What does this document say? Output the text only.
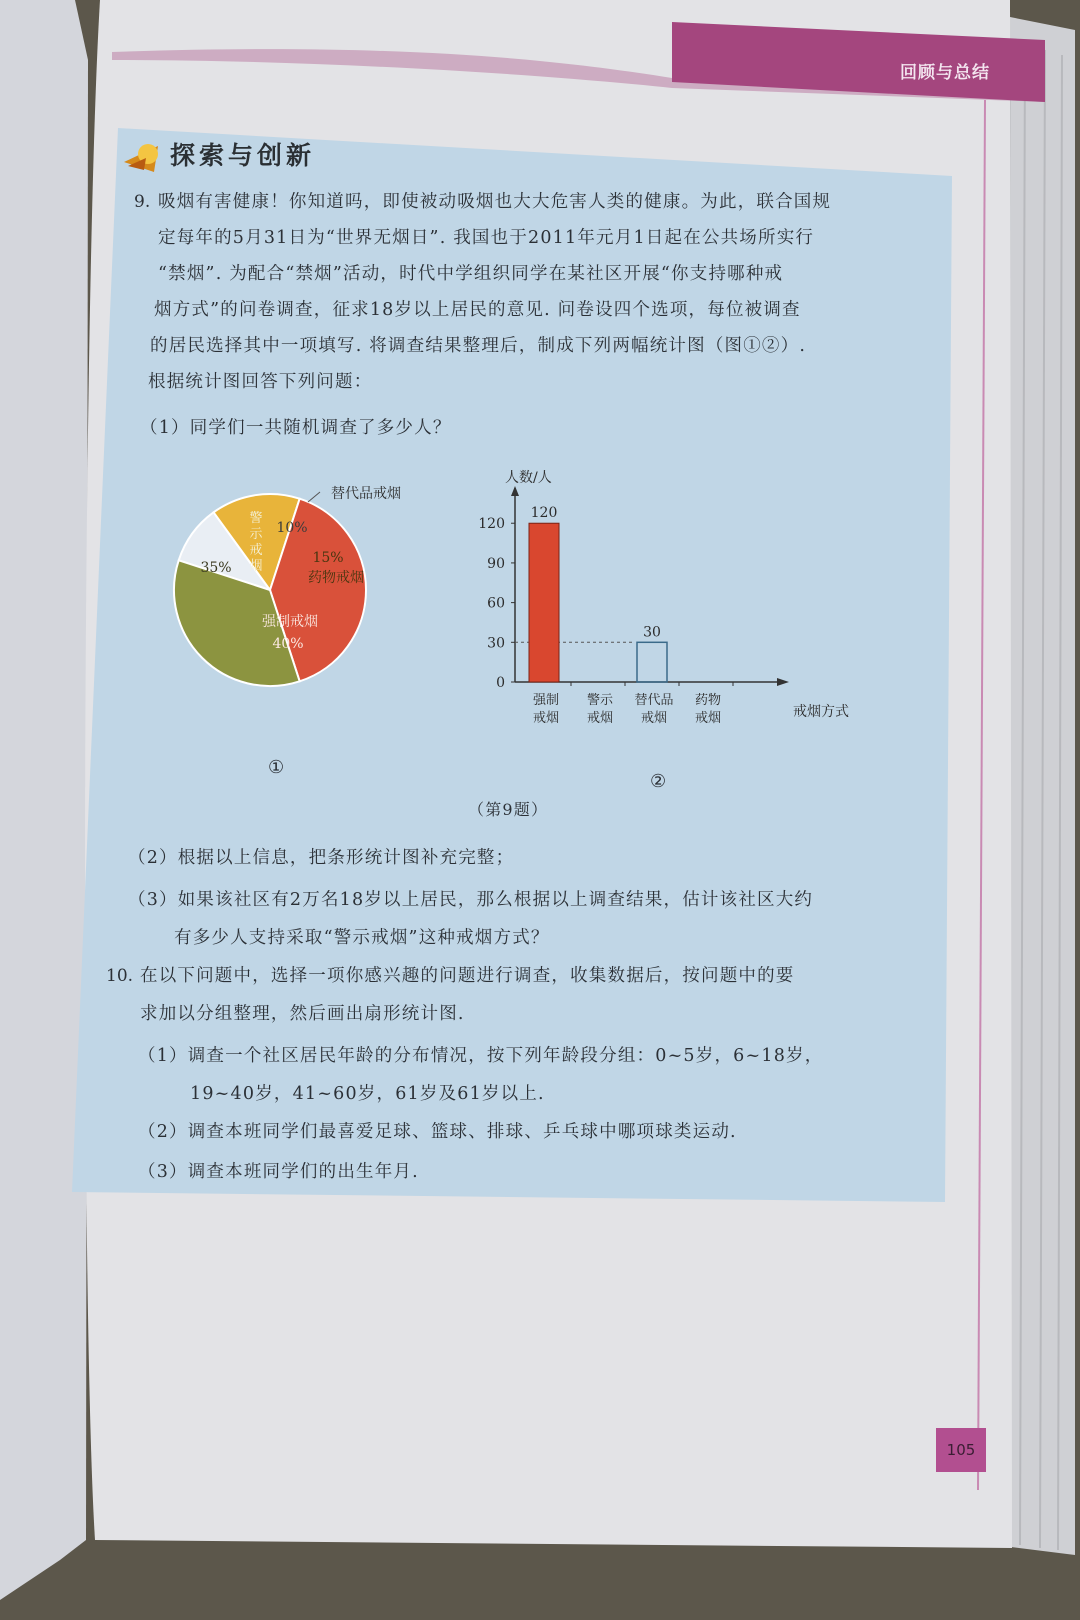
回顾与总结
探索与创新
9. 吸烟有害健康！你知道吗，即使被动吸烟也大大危害人类的健康。为此，联合国规
定每年的5月31日为“世界无烟日”. 我国也于2011年元月1日起在公共场所实行
“禁烟”. 为配合“禁烟”活动，时代中学组织同学在某社区开展“你支持哪种戒
烟方式”的问卷调查，征求18岁以上居民的意见. 问卷设四个选项，每位被调查
的居民选择其中一项填写. 将调查结果整理后，制成下列两幅统计图（图①②）.
根据统计图回答下列问题：
（1）同学们一共随机调查了多少人？
警
示
戒
烟
35%
强制戒烟
40%
15%
药物戒烟
替代品戒烟
10%
①
人数/人
戒烟方式
0
30
60
90
120
120
强制
戒烟
警示
戒烟
30
替代品
戒烟
药物
戒烟
②
（第9题）
（2）根据以上信息，把条形统计图补充完整；
（3）如果该社区有2万名18岁以上居民，那么根据以上调查结果，估计该社区大约
有多少人支持采取“警示戒烟”这种戒烟方式？
10. 在以下问题中，选择一项你感兴趣的问题进行调查，收集数据后，按问题中的要
求加以分组整理，然后画出扇形统计图.
（1）调查一个社区居民年龄的分布情况，按下列年龄段分组：0~5岁，6~18岁，
19~40岁，41~60岁，61岁及61岁以上.
（2）调查本班同学们最喜爱足球、篮球、排球、乒乓球中哪项球类运动.
（3）调查本班同学们的出生年月.
105
